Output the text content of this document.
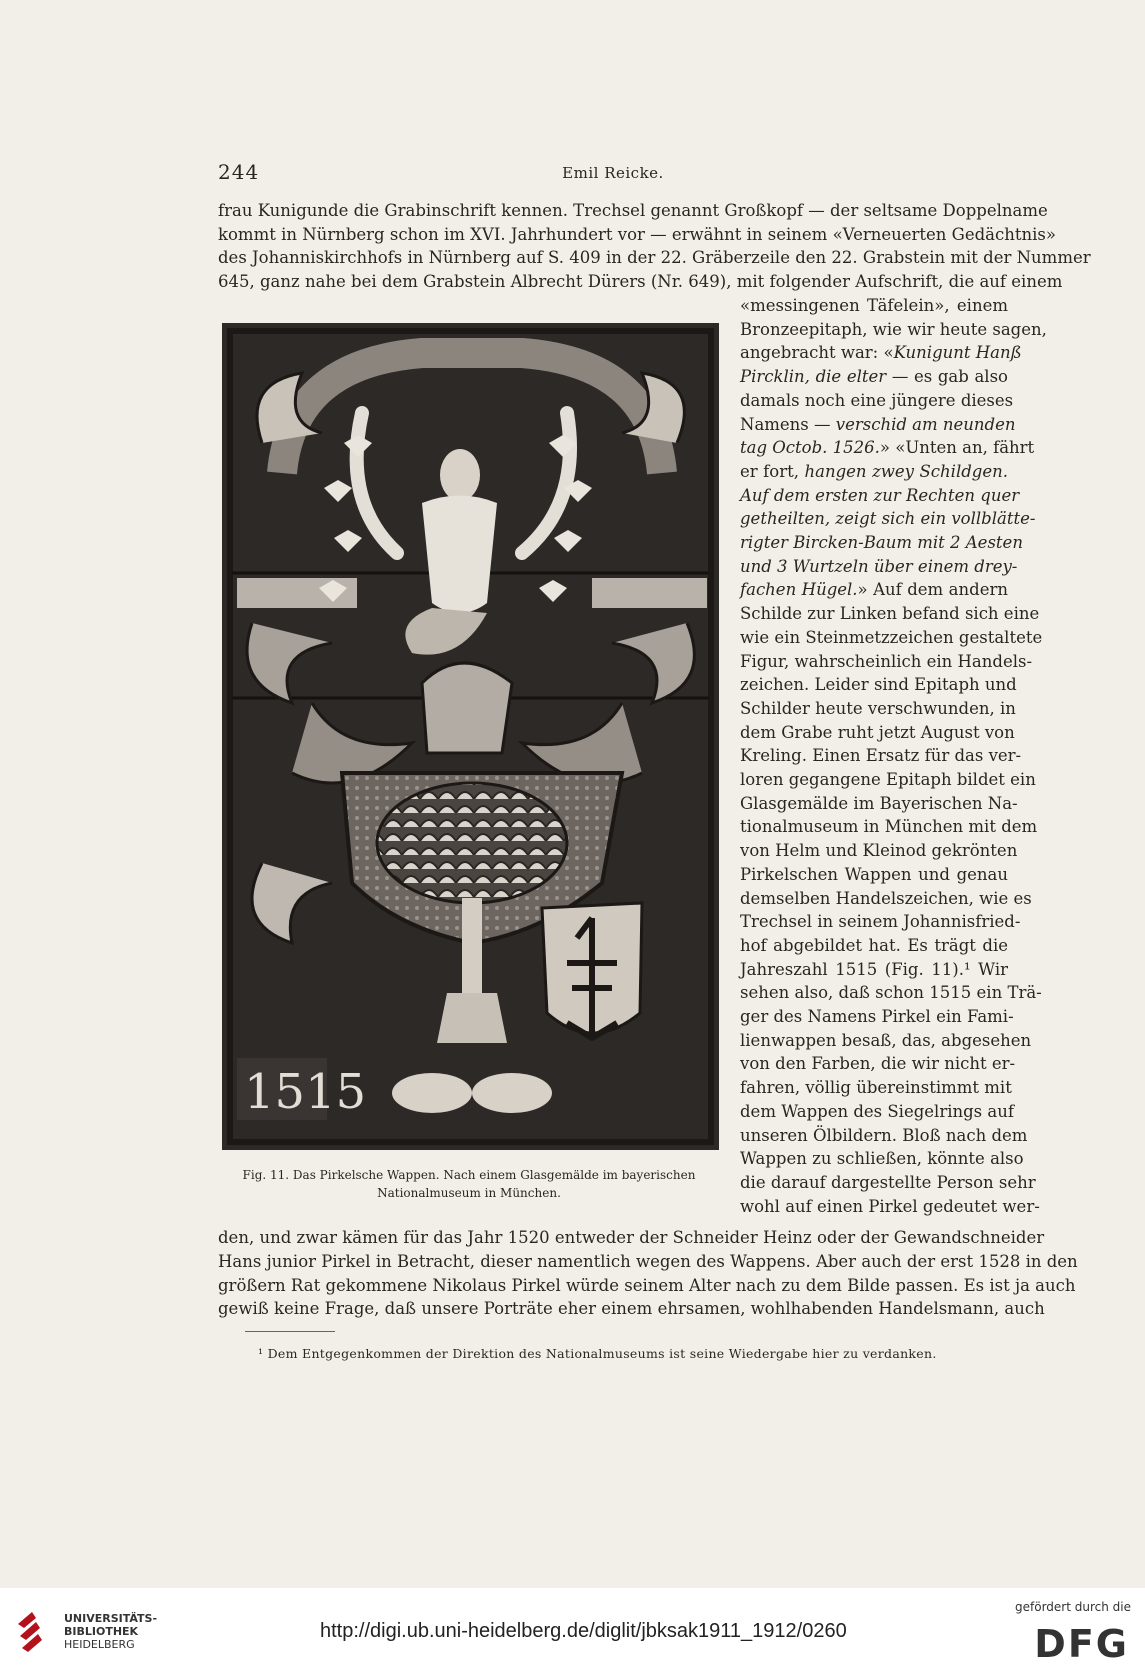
244	Emil Reicke.
frau Kunigunde die Grabinschrift kennen. Trechsel genannt Großkopf — der seltsame Doppelname
kommt in Nürnberg schon im XVI. Jahrhundert vor — erwähnt in seinem «Verneuerten Gedächtnis»
des Johanniskirchhofs in Nürnberg auf S. 409 in der 22. Gräberzeile den 22. Grabstein mit der Nummer
645, ganz nahe bei dem Grabstein Albrecht Dürers (Nr. 649), mit folgender Aufschrift, die auf einem
«messingenen Täfelein», einem
Bronzeepitaph, wie wir heute sagen,
angebracht war: «Kunigunt Hanß
Pircklin, die elter — es gab also
damals noch eine jüngere dieses
Namens — verschid am neunden
tag Octob. 1526.» «Unten an, fährt
er fort, hangen zwey Schildgen.
Auf dem ersten zur Rechten quer
getheilten, zeigt sich ein vollblätte-
rigter Bircken-Baum mit 2 Aesten
und 3 Wurtzeln über einem drey-
fachen Hügel.» Auf dem andern
Schilde zur Linken befand sich eine
wie ein Steinmetzzeichen gestaltete
Figur, wahrscheinlich ein Handels-
zeichen. Leider sind Epitaph und
Schilder heute verschwunden, in
dem Grabe ruht jetzt August von
Kreling. Einen Ersatz für das ver-
loren gegangene Epitaph bildet ein
Glasgemälde im Bayerischen Na-
tionalmuseum in München mit dem
von Helm und Kleinod gekrönten
Pirkelschen Wappen und genau
demselben Handelszeichen, wie es
Trechsel in seinem Johannisfried-
hof abgebildet hat. Es trägt die
Jahreszahl 1515 (Fig. 11).¹ Wir
sehen also, daß schon 1515 ein Trä-
ger des Namens Pirkel ein Fami-
lienwappen besaß, das, abgesehen
von den Farben, die wir nicht er-
fahren, völlig übereinstimmt mit
dem Wappen des Siegelrings auf
unseren Ölbildern. Bloß nach dem
Wappen zu schließen, könnte also
die darauf dargestellte Person sehr
wohl auf einen Pirkel gedeutet wer-
1515
Fig. 11. Das Pirkelsche Wappen. Nach einem Glasgemälde im bayerischen
Nationalmuseum in München.
den, und zwar kämen für das Jahr 1520 entweder der Schneider Heinz oder der Gewandschneider
Hans junior Pirkel in Betracht, dieser namentlich wegen des Wappens. Aber auch der erst 1528 in den
größern Rat gekommene Nikolaus Pirkel würde seinem Alter nach zu dem Bilde passen. Es ist ja auch
gewiß keine Frage, daß unsere Porträte eher einem ehrsamen, wohlhabenden Handelsmann, auch
¹ Dem Entgegenkommen der Direktion des Nationalmuseums ist seine Wiedergabe hier zu verdanken.
UNIVERSITÄTS-
BIBLIOTHEK
HEIDELBERG
http://digi.ub.uni-heidelberg.de/diglit/jbksak1911_1912/0260
gefördert durch die
DFG
